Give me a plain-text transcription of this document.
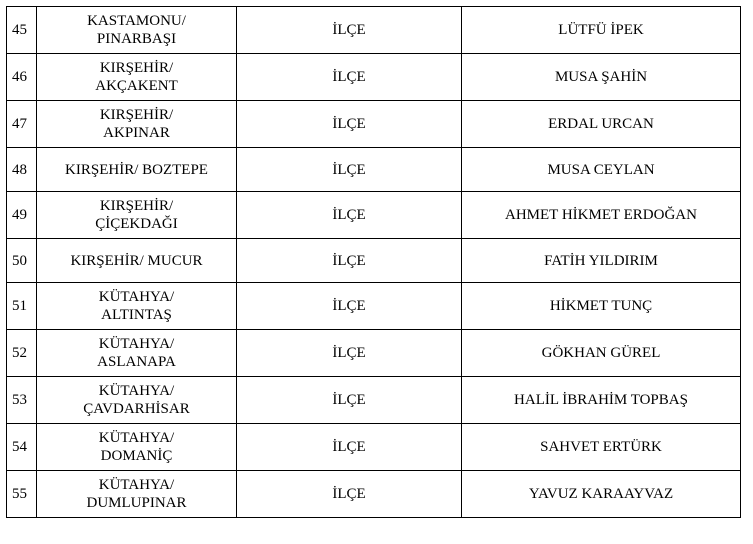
45	KASTAMONU/
PINARBAŞI	İLÇE	LÜTFÜ İPEK
46	KIRŞEHİR/
AKÇAKENT	İLÇE	MUSA ŞAHİN
47	KIRŞEHİR/
AKPINAR	İLÇE	ERDAL URCAN
48	KIRŞEHİR/ BOZTEPE	İLÇE	MUSA CEYLAN
49	KIRŞEHİR/
ÇİÇEKDAĞI	İLÇE	AHMET HİKMET ERDOĞAN
50	KIRŞEHİR/ MUCUR	İLÇE	FATİH YILDIRIM
51	KÜTAHYA/
ALTINTAŞ	İLÇE	HİKMET TUNÇ
52	KÜTAHYA/
ASLANAPA	İLÇE	GÖKHAN GÜREL
53	KÜTAHYA/
ÇAVDARHİSAR	İLÇE	HALİL İBRAHİM TOPBAŞ
54	KÜTAHYA/
DOMANİÇ	İLÇE	SAHVET ERTÜRK
55	KÜTAHYA/
DUMLUPINAR	İLÇE	YAVUZ KARAAYVAZ
